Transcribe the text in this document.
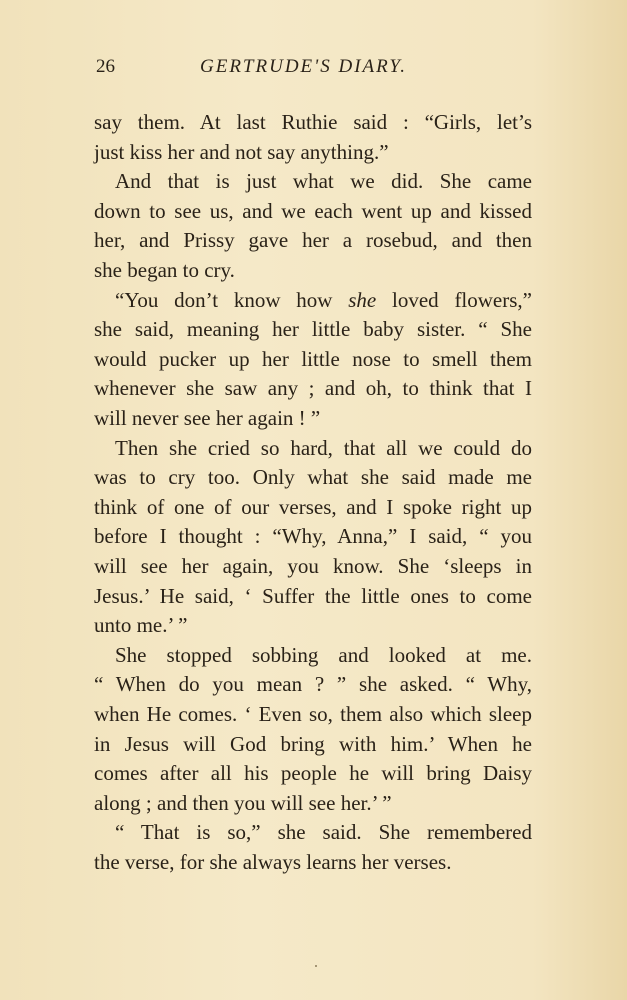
26	GERTRUDE'S DIARY.
say them. At last Ruthie said : “Girls, let’s
just kiss her and not say anything.”
And that is just what we did. She came
down to see us, and we each went up and kissed
her, and Prissy gave her a rosebud, and then
she began to cry.
“You don’t know how she loved flowers,”
she said, meaning her little baby sister. “ She
would pucker up her little nose to smell them
whenever she saw any ; and oh, to think that I
will never see her again ! ”
Then she cried so hard, that all we could do
was to cry too. Only what she said made me
think of one of our verses, and I spoke right up
before I thought : “Why, Anna,” I said, “ you
will see her again, you know. She ‘sleeps in
Jesus.’ He said, ‘ Suffer the little ones to come
unto me.’ ”
She stopped sobbing and looked at me.
“ When do you mean ? ” she asked. “ Why,
when He comes. ‘ Even so, them also which sleep
in Jesus will God bring with him.’ When he
comes after all his people he will bring Daisy
along ; and then you will see her.’ ”
“ That is so,” she said. She remembered
the verse, for she always learns her verses.
